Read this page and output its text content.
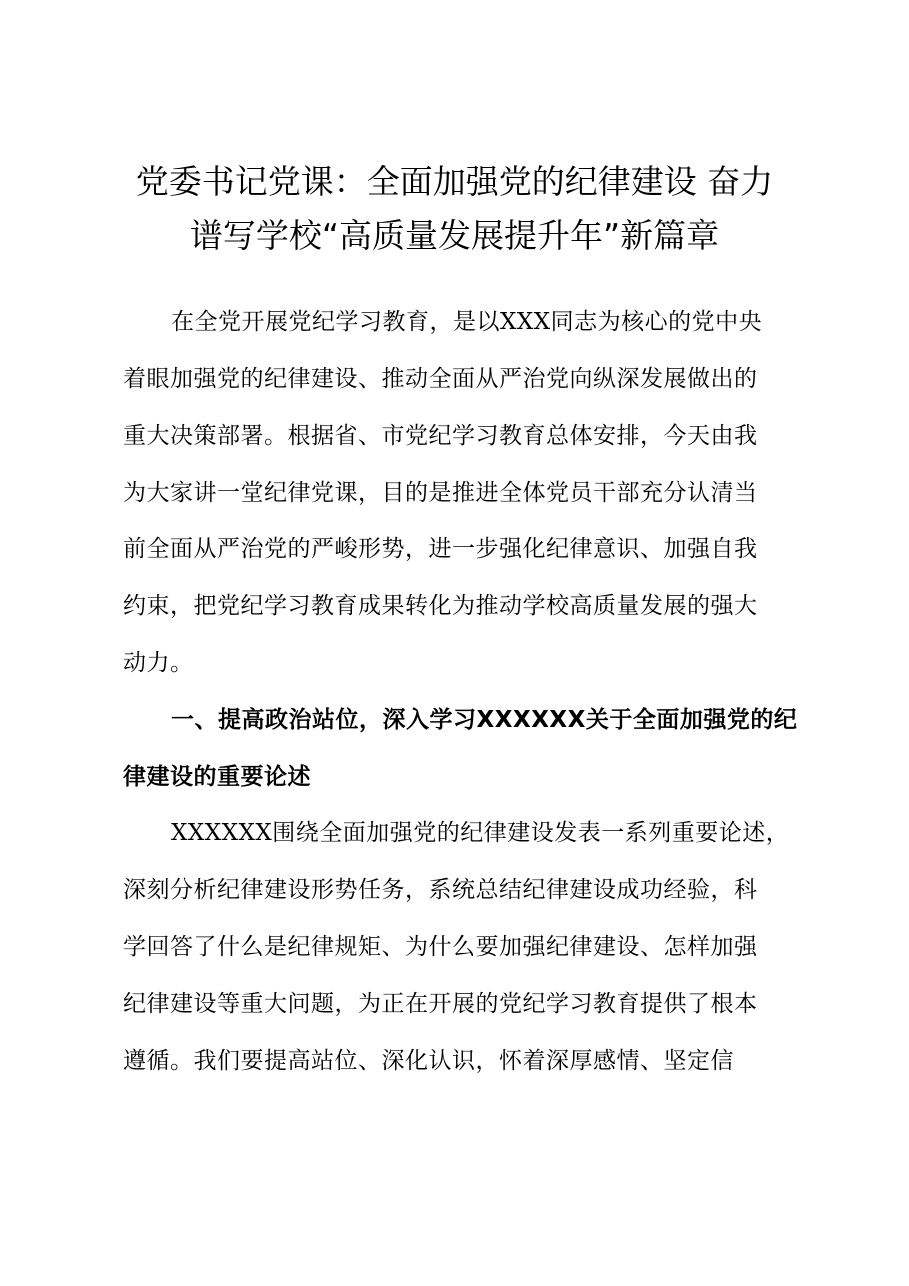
党委书记党课：全面加强党的纪律建设 奋力
谱写学校“高质量发展提升年”新篇章
在全党开展党纪学习教育，是以XXX同志为核心的党中央
着眼加强党的纪律建设、推动全面从严治党向纵深发展做出的
重大决策部署。根据省、市党纪学习教育总体安排，今天由我
为大家讲一堂纪律党课，目的是推进全体党员干部充分认清当
前全面从严治党的严峻形势，进一步强化纪律意识、加强自我
约束，把党纪学习教育成果转化为推动学校高质量发展的强大
动力。
一、提高政治站位，深入学习XXXXXX关于全面加强党的纪
律建设的重要论述
XXXXXX围绕全面加强党的纪律建设发表一系列重要论述，
深刻分析纪律建设形势任务，系统总结纪律建设成功经验，科
学回答了什么是纪律规矩、为什么要加强纪律建设、怎样加强
纪律建设等重大问题，为正在开展的党纪学习教育提供了根本
遵循。我们要提高站位、深化认识，怀着深厚感情、坚定信
